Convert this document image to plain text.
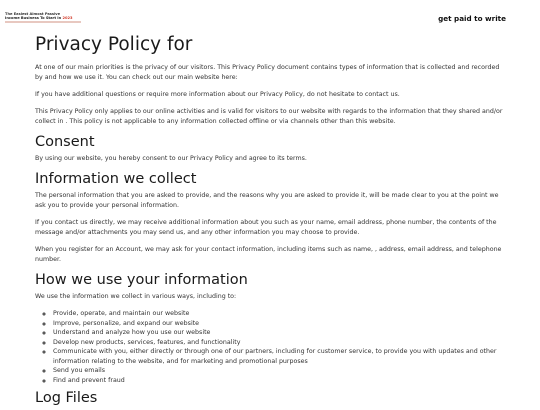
The Easiest Almost Passive
Income Business To Start In 2023	get paid to write
Privacy Policy for

At one of our main priorities is the privacy of our visitors. This Privacy Policy document contains types of information that is collected and recorded by and how we use it. You can check out our main website here:

If you have additional questions or require more information about our Privacy Policy, do not hesitate to contact us.

This Privacy Policy only applies to our online activities and is valid for visitors to our website with regards to the information that they shared and/or collect in . This policy is not applicable to any information collected offline or via channels other than this website.

Consent

By using our website, you hereby consent to our Privacy Policy and agree to its terms.

Information we collect

The personal information that you are asked to provide, and the reasons why you are asked to provide it, will be made clear to you at the point we ask you to provide your personal information.

If you contact us directly, we may receive additional information about you such as your name, email address, phone number, the contents of the message and/or attachments you may send us, and any other information you may choose to provide.

When you register for an Account, we may ask for your contact information, including items such as name, , address, email address, and telephone number.

How we use your information

We use the information we collect in various ways, including to:

◦ Provide, operate, and maintain our website
◦ Improve, personalize, and expand our website
◦ Understand and analyze how you use our website
◦ Develop new products, services, features, and functionality
◦ Communicate with you, either directly or through one of our partners, including for customer service, to provide you with updates and other information relating to the website, and for marketing and promotional purposes
◦ Send you emails
◦ Find and prevent fraud
Log Files
